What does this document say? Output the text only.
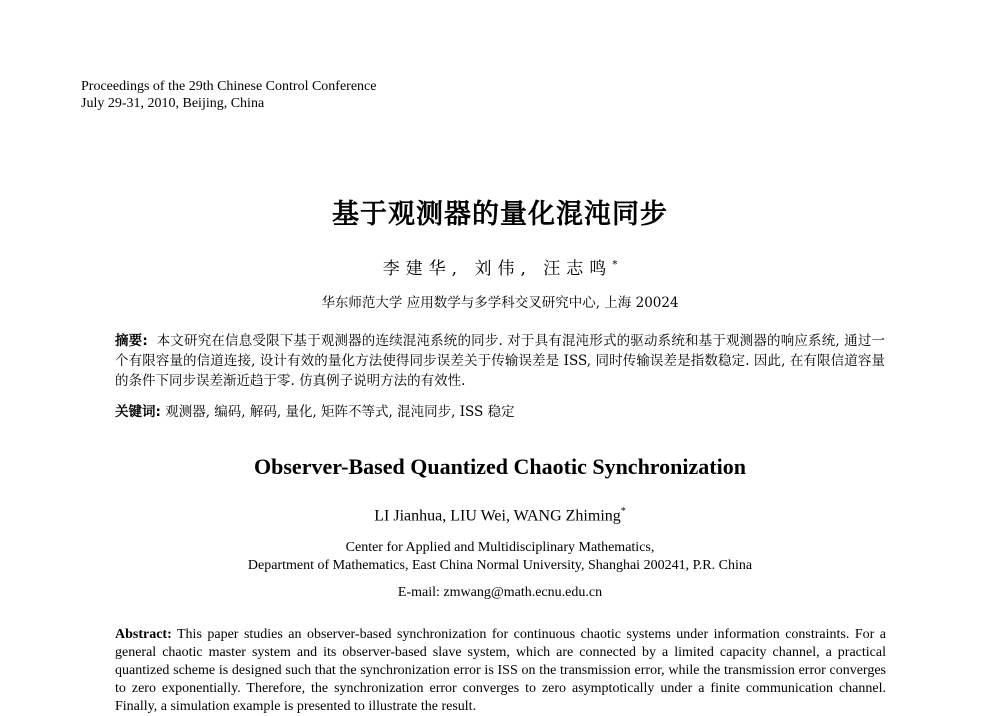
Proceedings of the 29th Chinese Control Conference
July 29-31, 2010, Beijing, China
基于观测器的量化混沌同步
李建华, 刘伟, 汪志鸣*
华东师范大学 应用数学与多学科交叉研究中心, 上海 20024
摘要: 本文研究在信息受限下基于观测器的连续混沌系统的同步. 对于具有混沌形式的驱动系统和基于观测器的响应系统, 通过一个有限容量的信道连接, 设计有效的量化方法使得同步误差关于传输误差是 ISS, 同时传输误差是指数稳定. 因此, 在有限信道容量的条件下同步误差渐近趋于零. 仿真例子说明方法的有效性.
关键词: 观测器, 编码, 解码, 量化, 矩阵不等式, 混沌同步, ISS 稳定
Observer-Based Quantized Chaotic Synchronization
LI Jianhua, LIU Wei, WANG Zhiming*
Center for Applied and Multidisciplinary Mathematics,
Department of Mathematics, East China Normal University, Shanghai 200241, P.R. China
E-mail: zmwang@math.ecnu.edu.cn
Abstract: This paper studies an observer-based synchronization for continuous chaotic systems under information constraints. For a general chaotic master system and its observer-based slave system, which are connected by a limited capacity channel, a practical quantized scheme is designed such that the synchronization error is ISS on the transmission error, while the transmission error converges to zero exponentially. Therefore, the synchronization error converges to zero asymptotically under a finite communication channel. Finally, a simulation example is presented to illustrate the result.
